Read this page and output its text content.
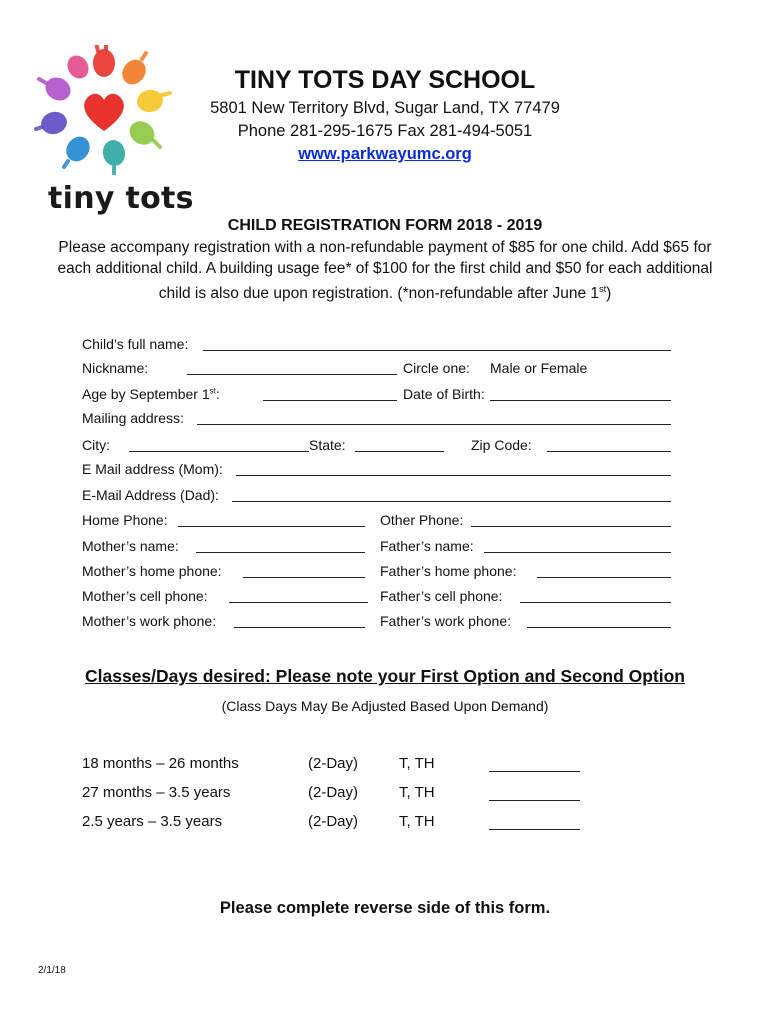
tiny tots
TINY TOTS DAY SCHOOL
5801 New Territory Blvd, Sugar Land, TX 77479
Phone 281-295-1675 Fax 281-494-5051
www.parkwayumc.org
CHILD REGISTRATION FORM 2018 - 2019
Please accompany registration with a non-refundable payment of $85 for one child. Add $65 for each additional child. A building usage fee* of $100 for the first child and $50 for each additional child is also due upon registration. (*non-refundable after June 1st)
Child’s full name:
Nickname:	Circle one: Male or Female
Age by September 1st:	Date of Birth:
Mailing address:
City:	State:	Zip Code:
E Mail address (Mom):
E-Mail Address (Dad):
Home Phone:	Other Phone:
Mother’s name:	Father’s name:
Mother’s home phone:	Father’s home phone:
Mother’s cell phone:	Father’s cell phone:
Mother’s work phone:	Father’s work phone:
Classes/Days desired: Please note your First Option and Second Option
(Class Days May Be Adjusted Based Upon Demand)
18 months – 26 months	(2-Day)	T, TH
27 months – 3.5 years	(2-Day)	T, TH
2.5 years – 3.5 years	(2-Day)	T, TH
Please complete reverse side of this form.
2/1/18
